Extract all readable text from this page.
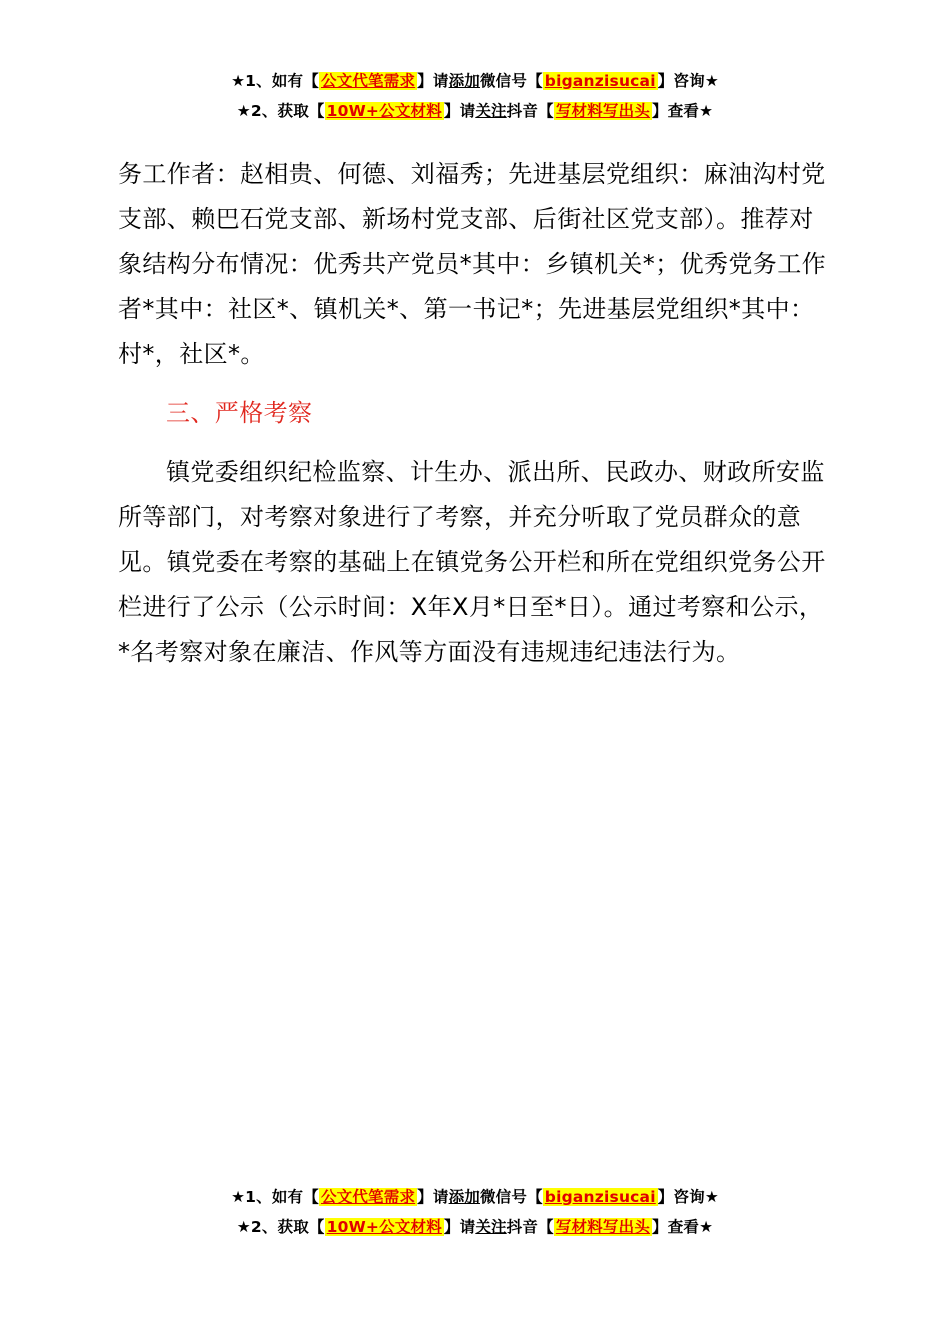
★1、如有【 公文代笔需求 】请添加微信号【 biganzisucai 】咨询★
★2、获取【 10W+公文材料 】请关注抖音【 写材料写出头 】查看★

务工作者：赵相贵、何德、刘福秀；先进基层党组织：麻油沟村党支部、赖巴石党支部、新场村党支部、后街社区党支部）。推荐对象结构分布情况：优秀共产党员*其中：乡镇机关*；优秀党务工作者*其中：社区*、镇机关*、第一书记*；先进基层党组织*其中：村*，社区*。

三、严格考察

镇党委组织纪检监察、计生办、派出所、民政办、财政所安监所等部门，对考察对象进行了考察，并充分听取了党员群众的意见。镇党委在考察的基础上在镇党务公开栏和所在党组织党务公开栏进行了公示（公示时间：X年X月*日至*日）。通过考察和公示，*名考察对象在廉洁、作风等方面没有违规违纪违法行为。

★1、如有【 公文代笔需求 】请添加微信号【 biganzisucai 】咨询★
★2、获取【 10W+公文材料 】请关注抖音【 写材料写出头 】查看★
